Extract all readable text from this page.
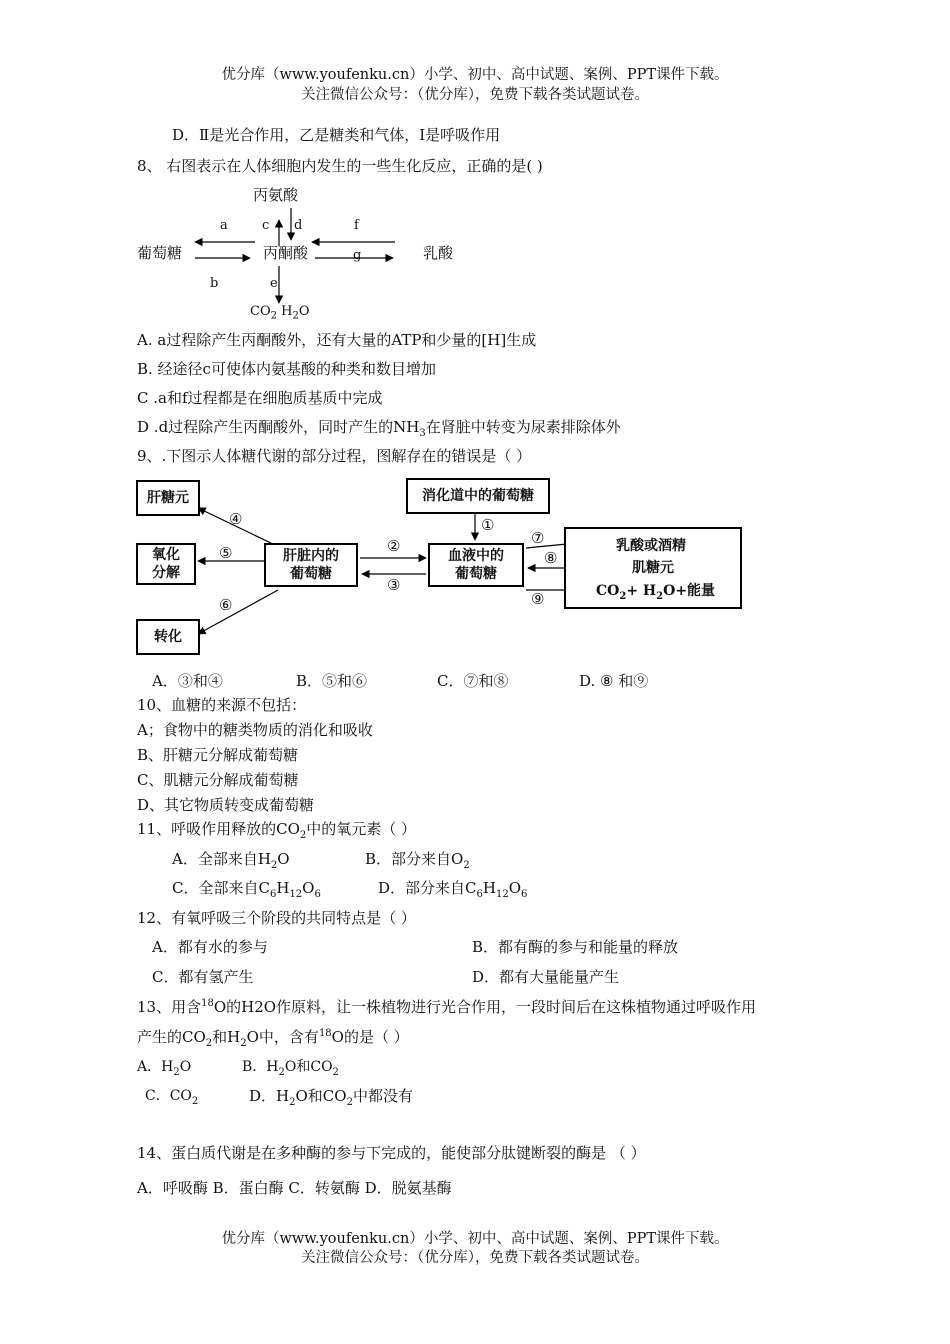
优分库（www.youfenku.cn）小学、初中、高中试题、案例、PPT课件下载。
关注微信公众号：（优分库），免费下载各类试题试卷。
D．Ⅱ是光合作用，乙是糖类和气体，Ⅰ是呼吸作用
8、 右图表示在人体细胞内发生的一些生化反应，正确的是( )
丙氨酸
葡萄糖	丙酮酸	乳酸
$CO_2$ $H_2O$
a
b
c d
e
f
g
A. a过程除产生丙酮酸外，还有大量的ATP和少量的[H]生成
B. 经途径c可使体内氨基酸的种类和数目增加
C .a和f过程都是在细胞质基质中完成
D .d过程除产生丙酮酸外，同时产生的$NH_3$在肾脏中转变为尿素排除体外
9、.下图示人体糖代谢的部分过程，图解存在的错误是（ ）
肝糖元
氧化分解
转化
肝脏内的葡萄糖
血液中的葡萄糖
消化道中的葡萄糖
乳酸或酒精
肌糖元
$CO_2+ H_2O+$能量
①
②
③
④
⑤
⑥
⑦
⑧
⑨
A．③和④	B．⑤和⑥	C．⑦和⑧	D. ⑧ 和⑨
10、血糖的来源不包括：
A；食物中的糖类物质的消化和吸收
B、肝糖元分解成葡萄糖
C、肌糖元分解成葡萄糖
D、其它物质转变成葡萄糖
11、呼吸作用释放的$CO_2$中的氧元素（ ）
A．全部来自$H_2O$	B．部分来自$O_2$
C．全部来自$C_6H_{12}O_6$	D．部分来自$C_6H_{12}O_6$
12、有氧呼吸三个阶段的共同特点是（ ）
A．都有水的参与	B．都有酶的参与和能量的释放
C．都有氢产生	D．都有大量能量产生
13、用含$^{18}$O的H2O作原料，让一株植物进行光合作用，一段时间后在这株植物通过呼吸作用
产生的$CO_2$和$H_2O$中，含有$^{18}$O的是（ ）
A．$H_2O$	B．$H_2O$和$CO_2$
C．$CO_2$	D．$H_2O$和$CO_2$中都没有
14、蛋白质代谢是在多种酶的参与下完成的，能使部分肽键断裂的酶是 （ ）
A．呼吸酶 B．蛋白酶 C．转氨酶 D．脱氨基酶
优分库（www.youfenku.cn）小学、初中、高中试题、案例、PPT课件下载。
关注微信公众号：（优分库），免费下载各类试题试卷。
